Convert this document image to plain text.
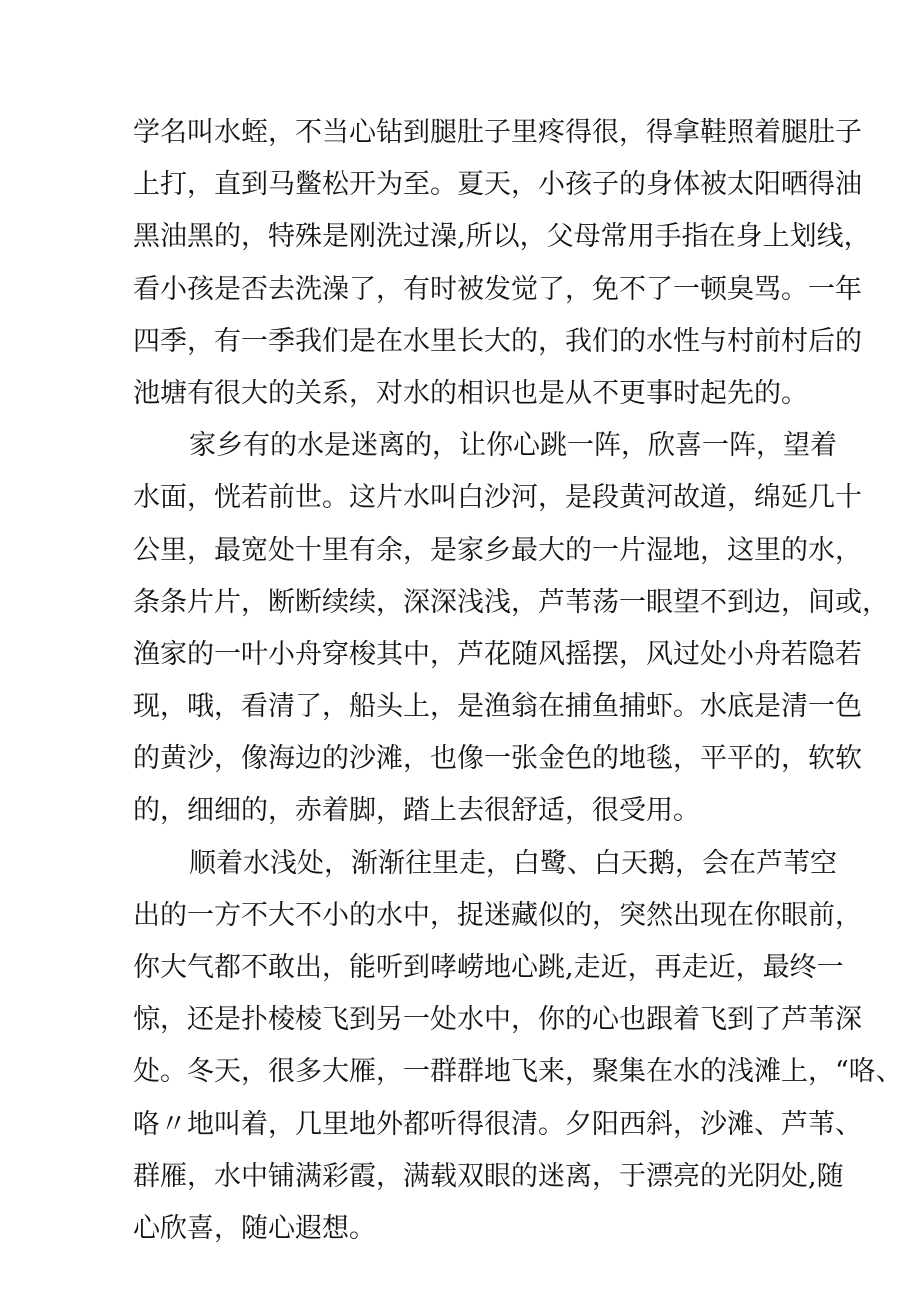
学名叫水蛭，不当心钻到腿肚子里疼得很，得拿鞋照着腿肚子
上打，直到马鳖松开为至。夏天，小孩子的身体被太阳晒得油
黑油黑的，特殊是刚洗过澡,所以，父母常用手指在身上划线，
看小孩是否去洗澡了，有时被发觉了，免不了一顿臭骂。一年
四季，有一季我们是在水里长大的，我们的水性与村前村后的
池塘有很大的关系，对水的相识也是从不更事时起先的。
家乡有的水是迷离的，让你心跳一阵，欣喜一阵，望着
水面，恍若前世。这片水叫白沙河，是段黄河故道，绵延几十
公里，最宽处十里有余，是家乡最大的一片湿地，这里的水，
条条片片，断断续续，深深浅浅，芦苇荡一眼望不到边，间或，
渔家的一叶小舟穿梭其中，芦花随风摇摆，风过处小舟若隐若
现，哦，看清了，船头上，是渔翁在捕鱼捕虾。水底是清一色
的黄沙，像海边的沙滩，也像一张金色的地毯，平平的，软软
的，细细的，赤着脚，踏上去很舒适，很受用。
顺着水浅处，渐渐往里走，白鹭、白天鹅，会在芦苇空
出的一方不大不小的水中，捉迷藏似的，突然出现在你眼前，
你大气都不敢出，能听到哮崂地心跳,走近，再走近，最终一
惊，还是扑棱棱飞到另一处水中，你的心也跟着飞到了芦苇深
处。冬天，很多大雁，一群群地飞来，聚集在水的浅滩上，“咯、
咯〃地叫着，几里地外都听得很清。夕阳西斜，沙滩、芦苇、
群雁，水中铺满彩霞，满载双眼的迷离，于漂亮的光阴处,随
心欣喜，随心遐想。
